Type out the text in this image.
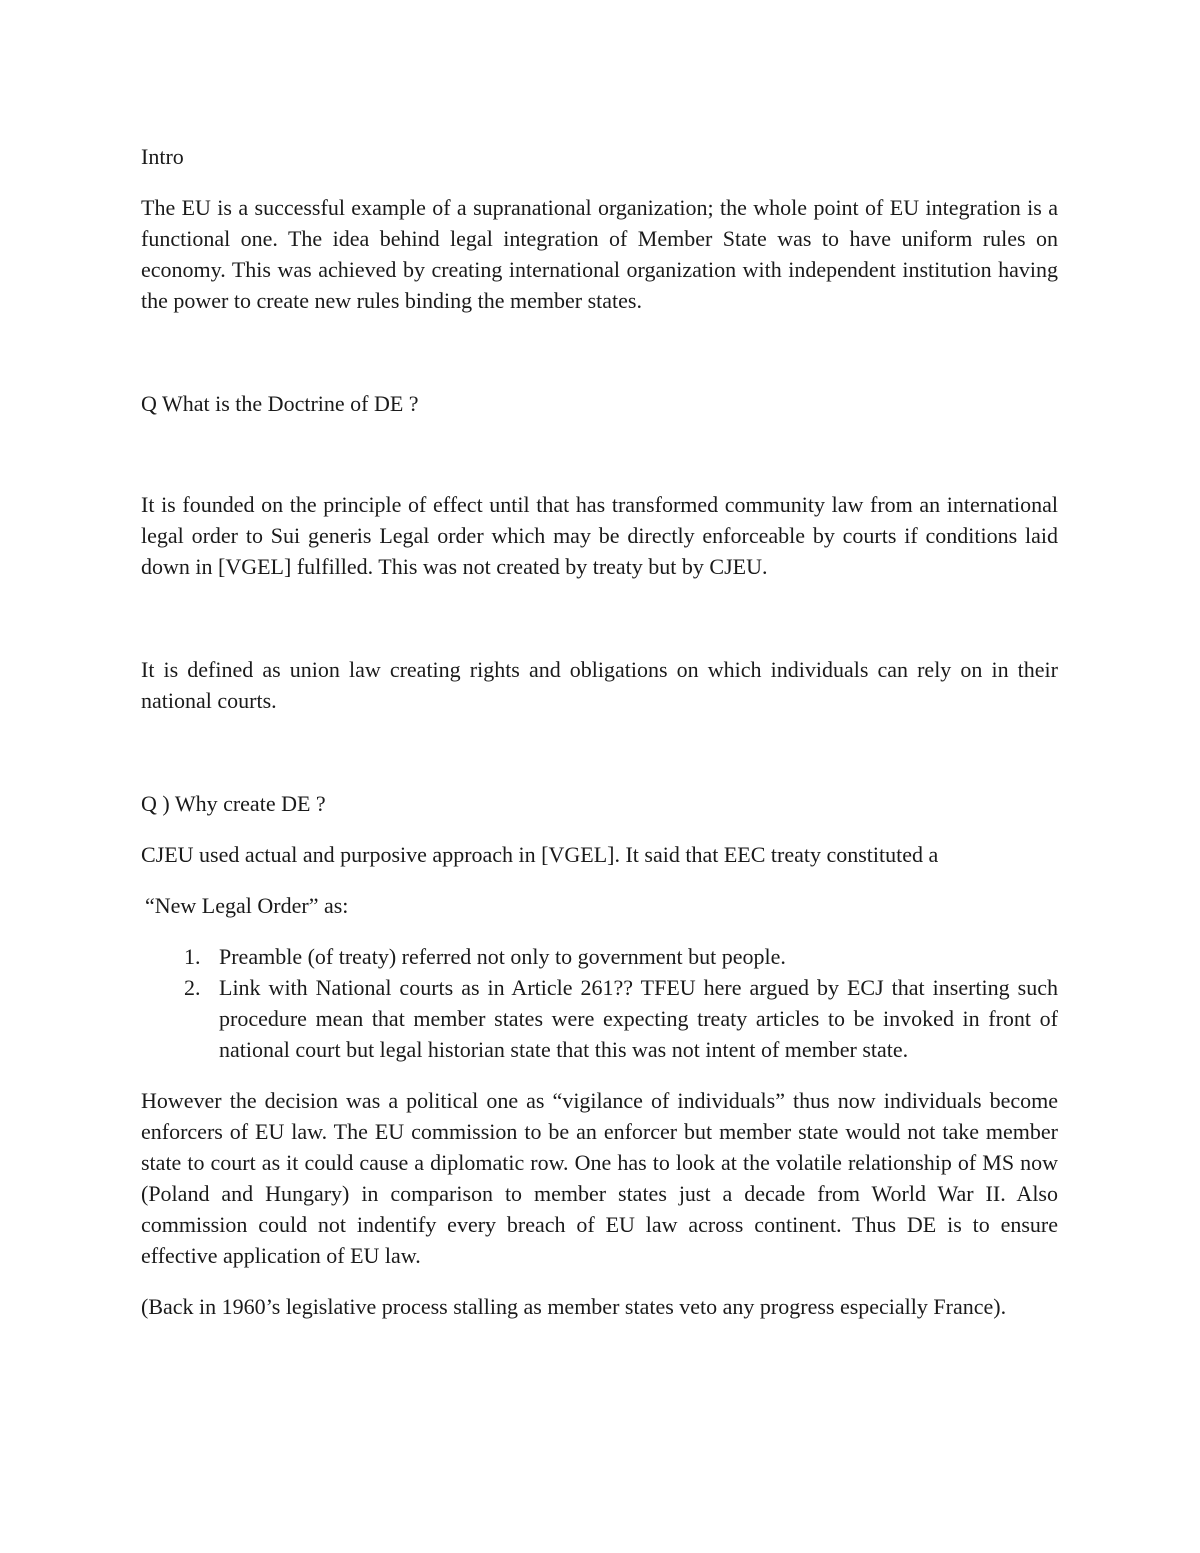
Intro

The EU is a successful example of a supranational organization; the whole point of EU integration is a functional one. The idea behind legal integration of Member State was to have uniform rules on economy. This was achieved by creating international organization with independent institution having the power to create new rules binding the member states.

Q What is the Doctrine of DE ?

It is founded on the principle of effect until that has transformed community law from an international legal order to Sui generis Legal order which may be directly enforceable by courts if conditions laid down in [VGEL] fulfilled. This was not created by treaty but by CJEU.

It is defined as union law creating rights and obligations on which individuals can rely on in their national courts.

Q ) Why create DE ?

CJEU used actual and purposive approach in [VGEL]. It said that EEC treaty constituted a

“New Legal Order” as:

1. Preamble (of treaty) referred not only to government but people.
2. Link with National courts as in Article 261?? TFEU here argued by ECJ that inserting such procedure mean that member states were expecting treaty articles to be invoked in front of national court but legal historian state that this was not intent of member state.

However the decision was a political one as “vigilance of individuals” thus now individuals become enforcers of EU law. The EU commission to be an enforcer but member state would not take member state to court as it could cause a diplomatic row. One has to look at the volatile relationship of MS now (Poland and Hungary) in comparison to member states just a decade from World War II. Also commission could not indentify every breach of EU law across continent. Thus DE is to ensure effective application of EU law.

(Back in 1960’s legislative process stalling as member states veto any progress especially France).
